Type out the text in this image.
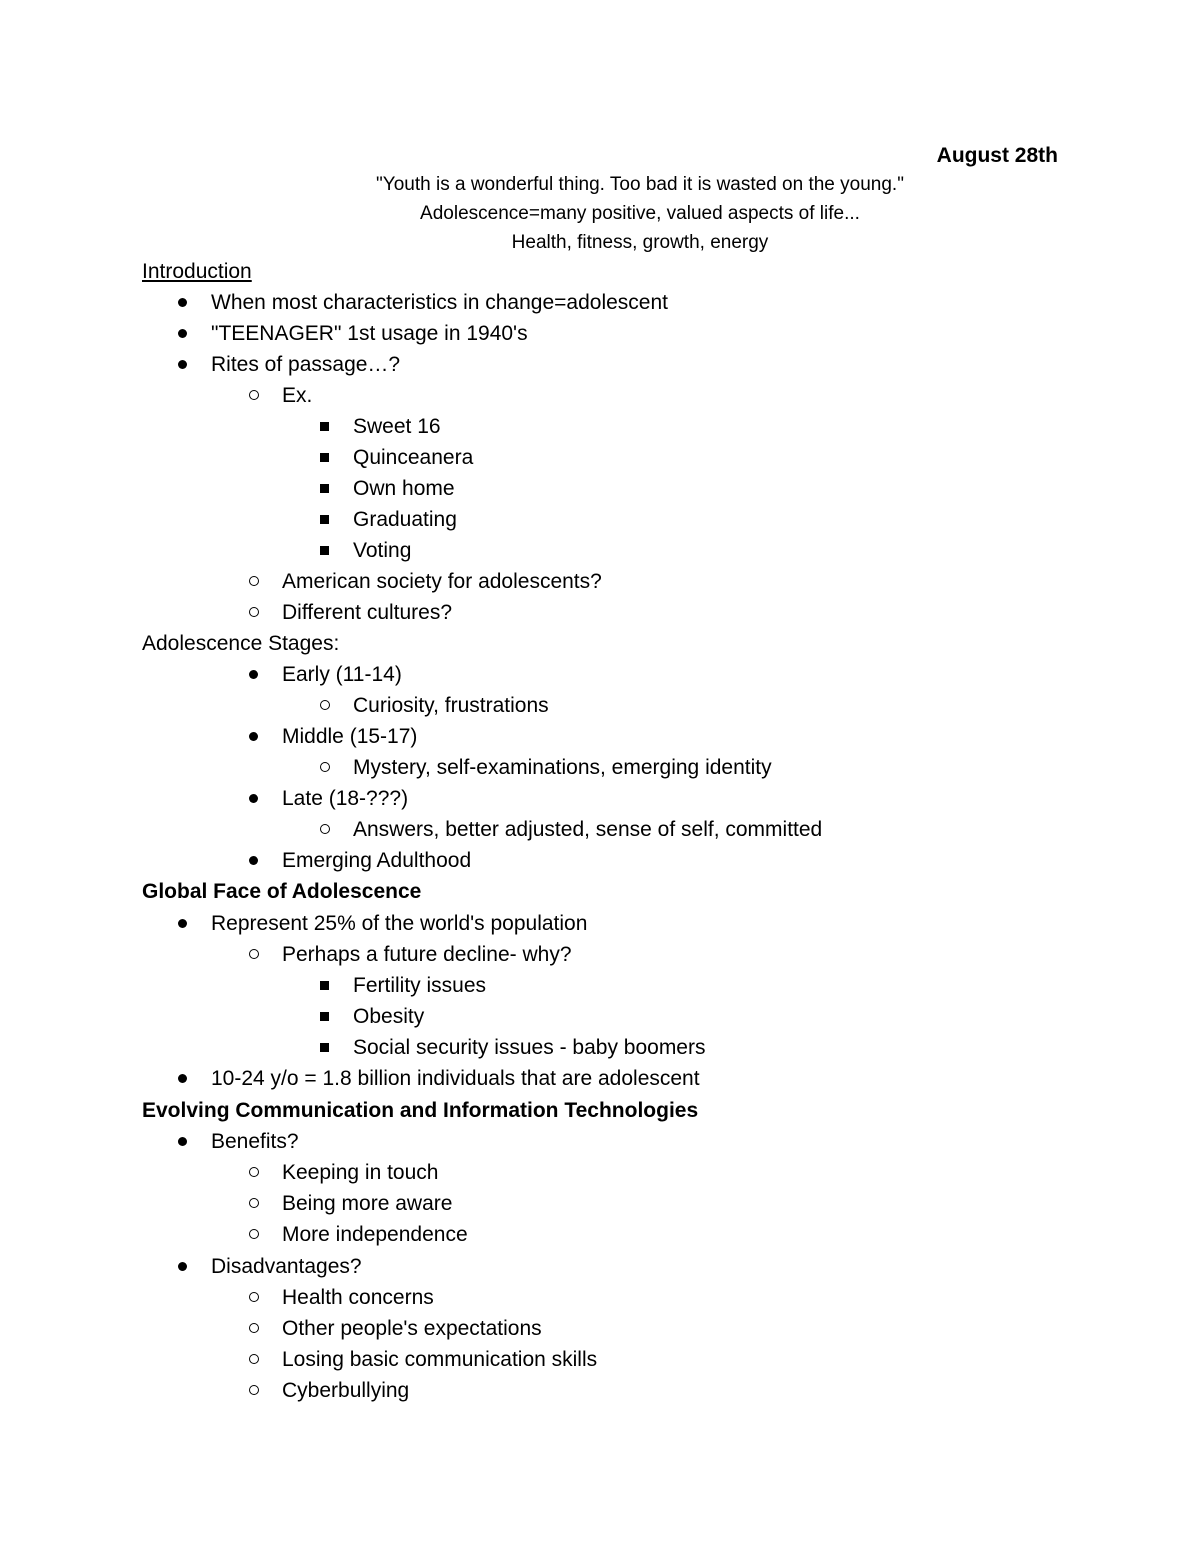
August 28th
"Youth is a wonderful thing. Too bad it is wasted on the young."
Adolescence=many positive, valued aspects of life...
Health, fitness, growth, energy
Introduction
When most characteristics in change=adolescent
"TEENAGER" 1st usage in 1940's
Rites of passage…?
Ex.
Sweet 16
Quinceanera
Own home
Graduating
Voting
American society for adolescents?
Different cultures?
Adolescence Stages:
Early (11-14)
Curiosity, frustrations
Middle (15-17)
Mystery, self-examinations, emerging identity
Late (18-???)
Answers, better adjusted, sense of self, committed
Emerging Adulthood
Global Face of Adolescence
Represent 25% of the world's population
Perhaps a future decline- why?
Fertility issues
Obesity
Social security issues - baby boomers
10-24 y/o = 1.8 billion individuals that are adolescent
Evolving Communication and Information Technologies
Benefits?
Keeping in touch
Being more aware
More independence
Disadvantages?
Health concerns
Other people's expectations
Losing basic communication skills
Cyberbullying
